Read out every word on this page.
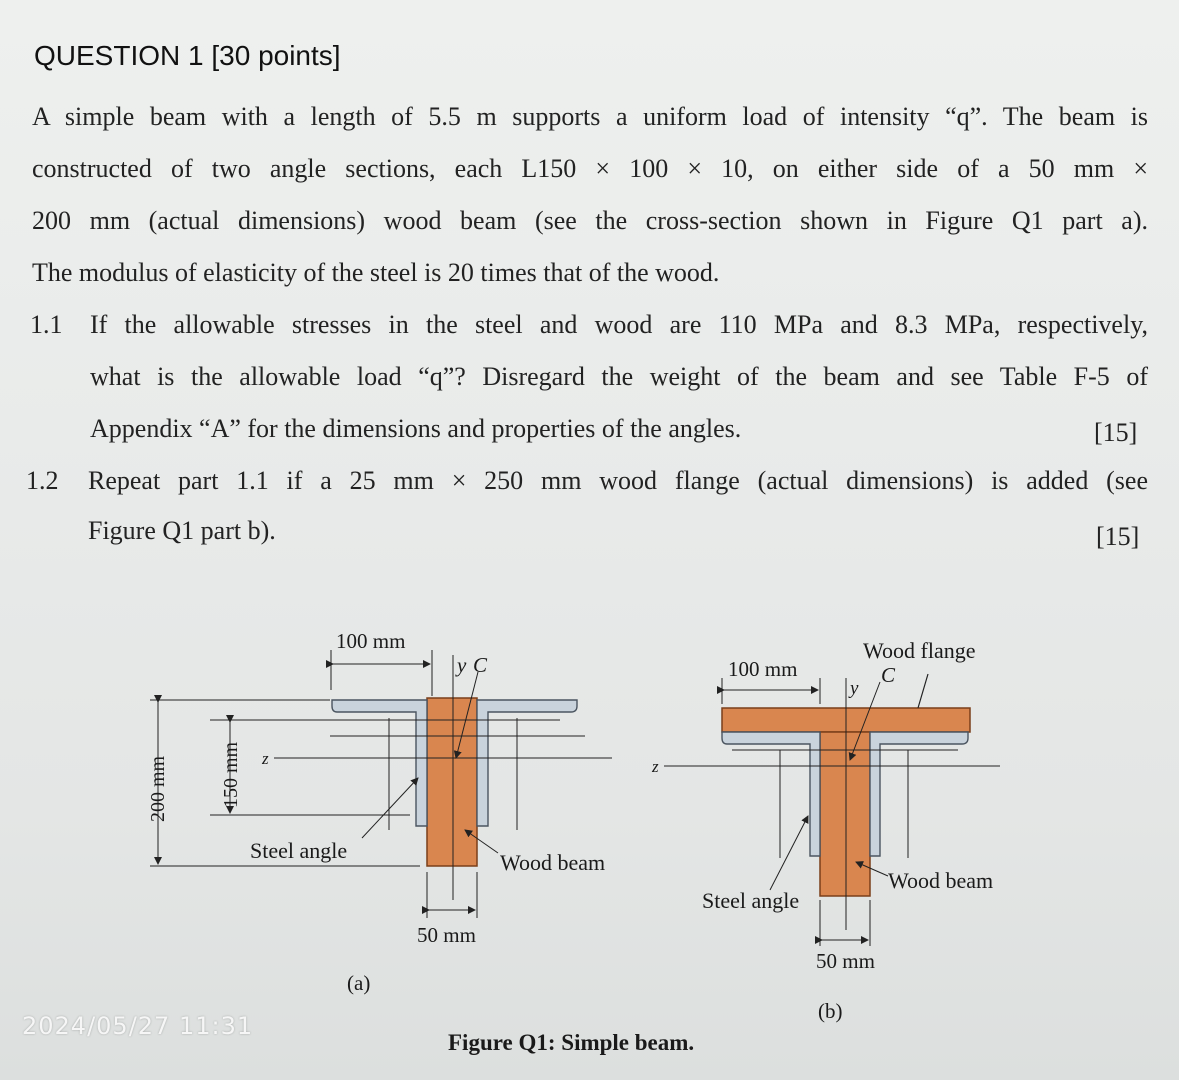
QUESTION 1 [30 points]
A simple beam with a length of 5.5 m supports a uniform load of intensity “q”. The beam is
constructed of two angle sections, each L150 × 100 × 10, on either side of a 50 mm ×
200 mm (actual dimensions) wood beam (see the cross-section shown in Figure Q1 part a).
The modulus of elasticity of the steel is 20 times that of the wood.
1.1 If the allowable stresses in the steel and wood are 110 MPa and 8.3 MPa, respectively,
what is the allowable load “q”? Disregard the weight of the beam and see Table F-5 of
Appendix “A” for the dimensions and properties of the angles.	[15]
1.2 Repeat part 1.1 if a 25 mm × 250 mm wood flange (actual dimensions) is added (see
Figure Q1 part b).	[15]
100 mm
y C
z
200 mm	150 mm
Steel angle	Wood beam
50 mm
(a)
Wood flange
C
100 mm
y
z
Wood beam
Steel angle
50 mm
(b)
2024/05/27 11:31
Figure Q1: Simple beam.
